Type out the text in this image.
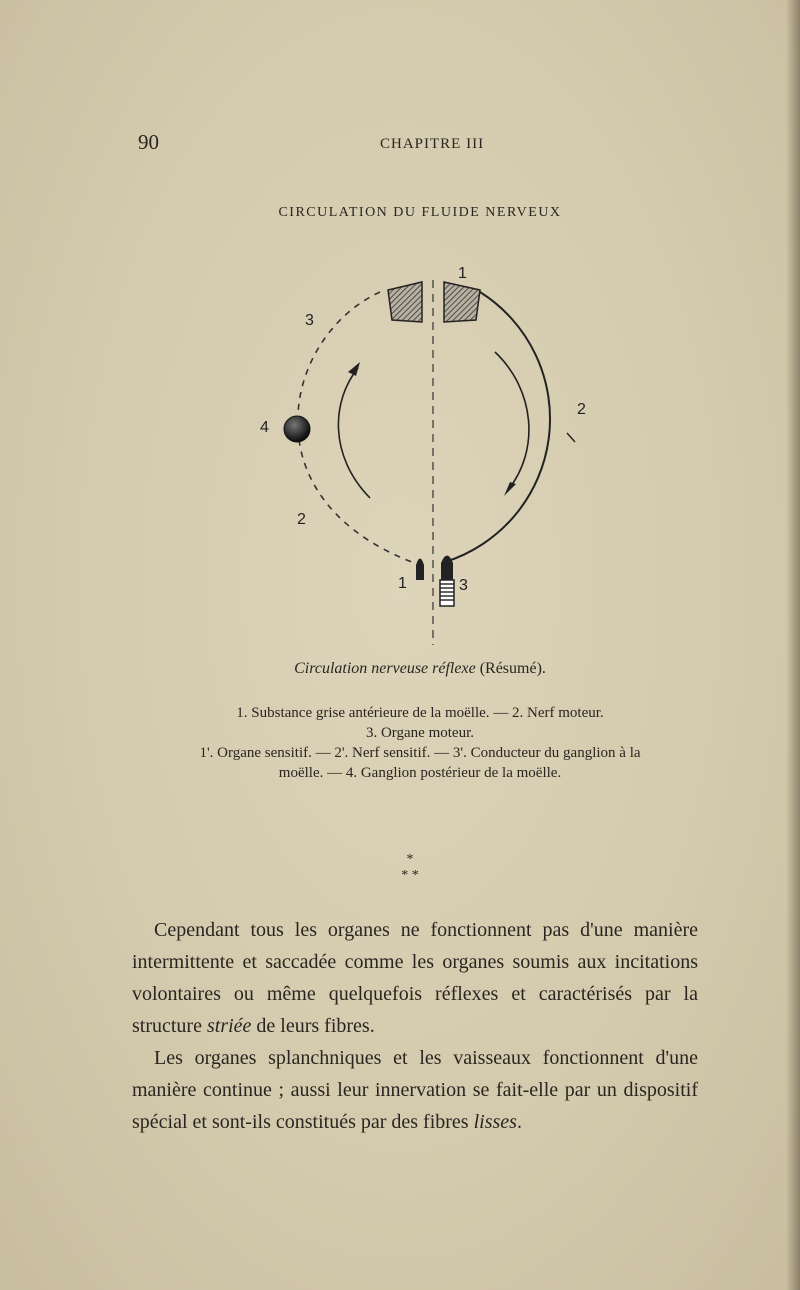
90	CHAPITRE III
CIRCULATION DU FLUIDE NERVEUX
1
3
4
2
2
1	3
Circulation nerveuse réflexe (Résumé).
1. Substance grise antérieure de la moëlle. — 2. Nerf moteur.
3. Organe moteur.
1'. Organe sensitif. — 2'. Nerf sensitif. — 3'. Conducteur du ganglion à la
moëlle. — 4. Ganglion postérieur de la moëlle.
*
* *

Cependant tous les organes ne fonctionnent pas d'une manière intermittente et saccadée comme les organes soumis aux incitations volontaires ou même quelquefois réflexes et caractérisés par la structure striée de leurs fibres.

Les organes splanchniques et les vaisseaux fonctionnent d'une manière continue ; aussi leur innervation se fait-elle par un dispositif spécial et sont-ils constitués par des fibres lisses.
